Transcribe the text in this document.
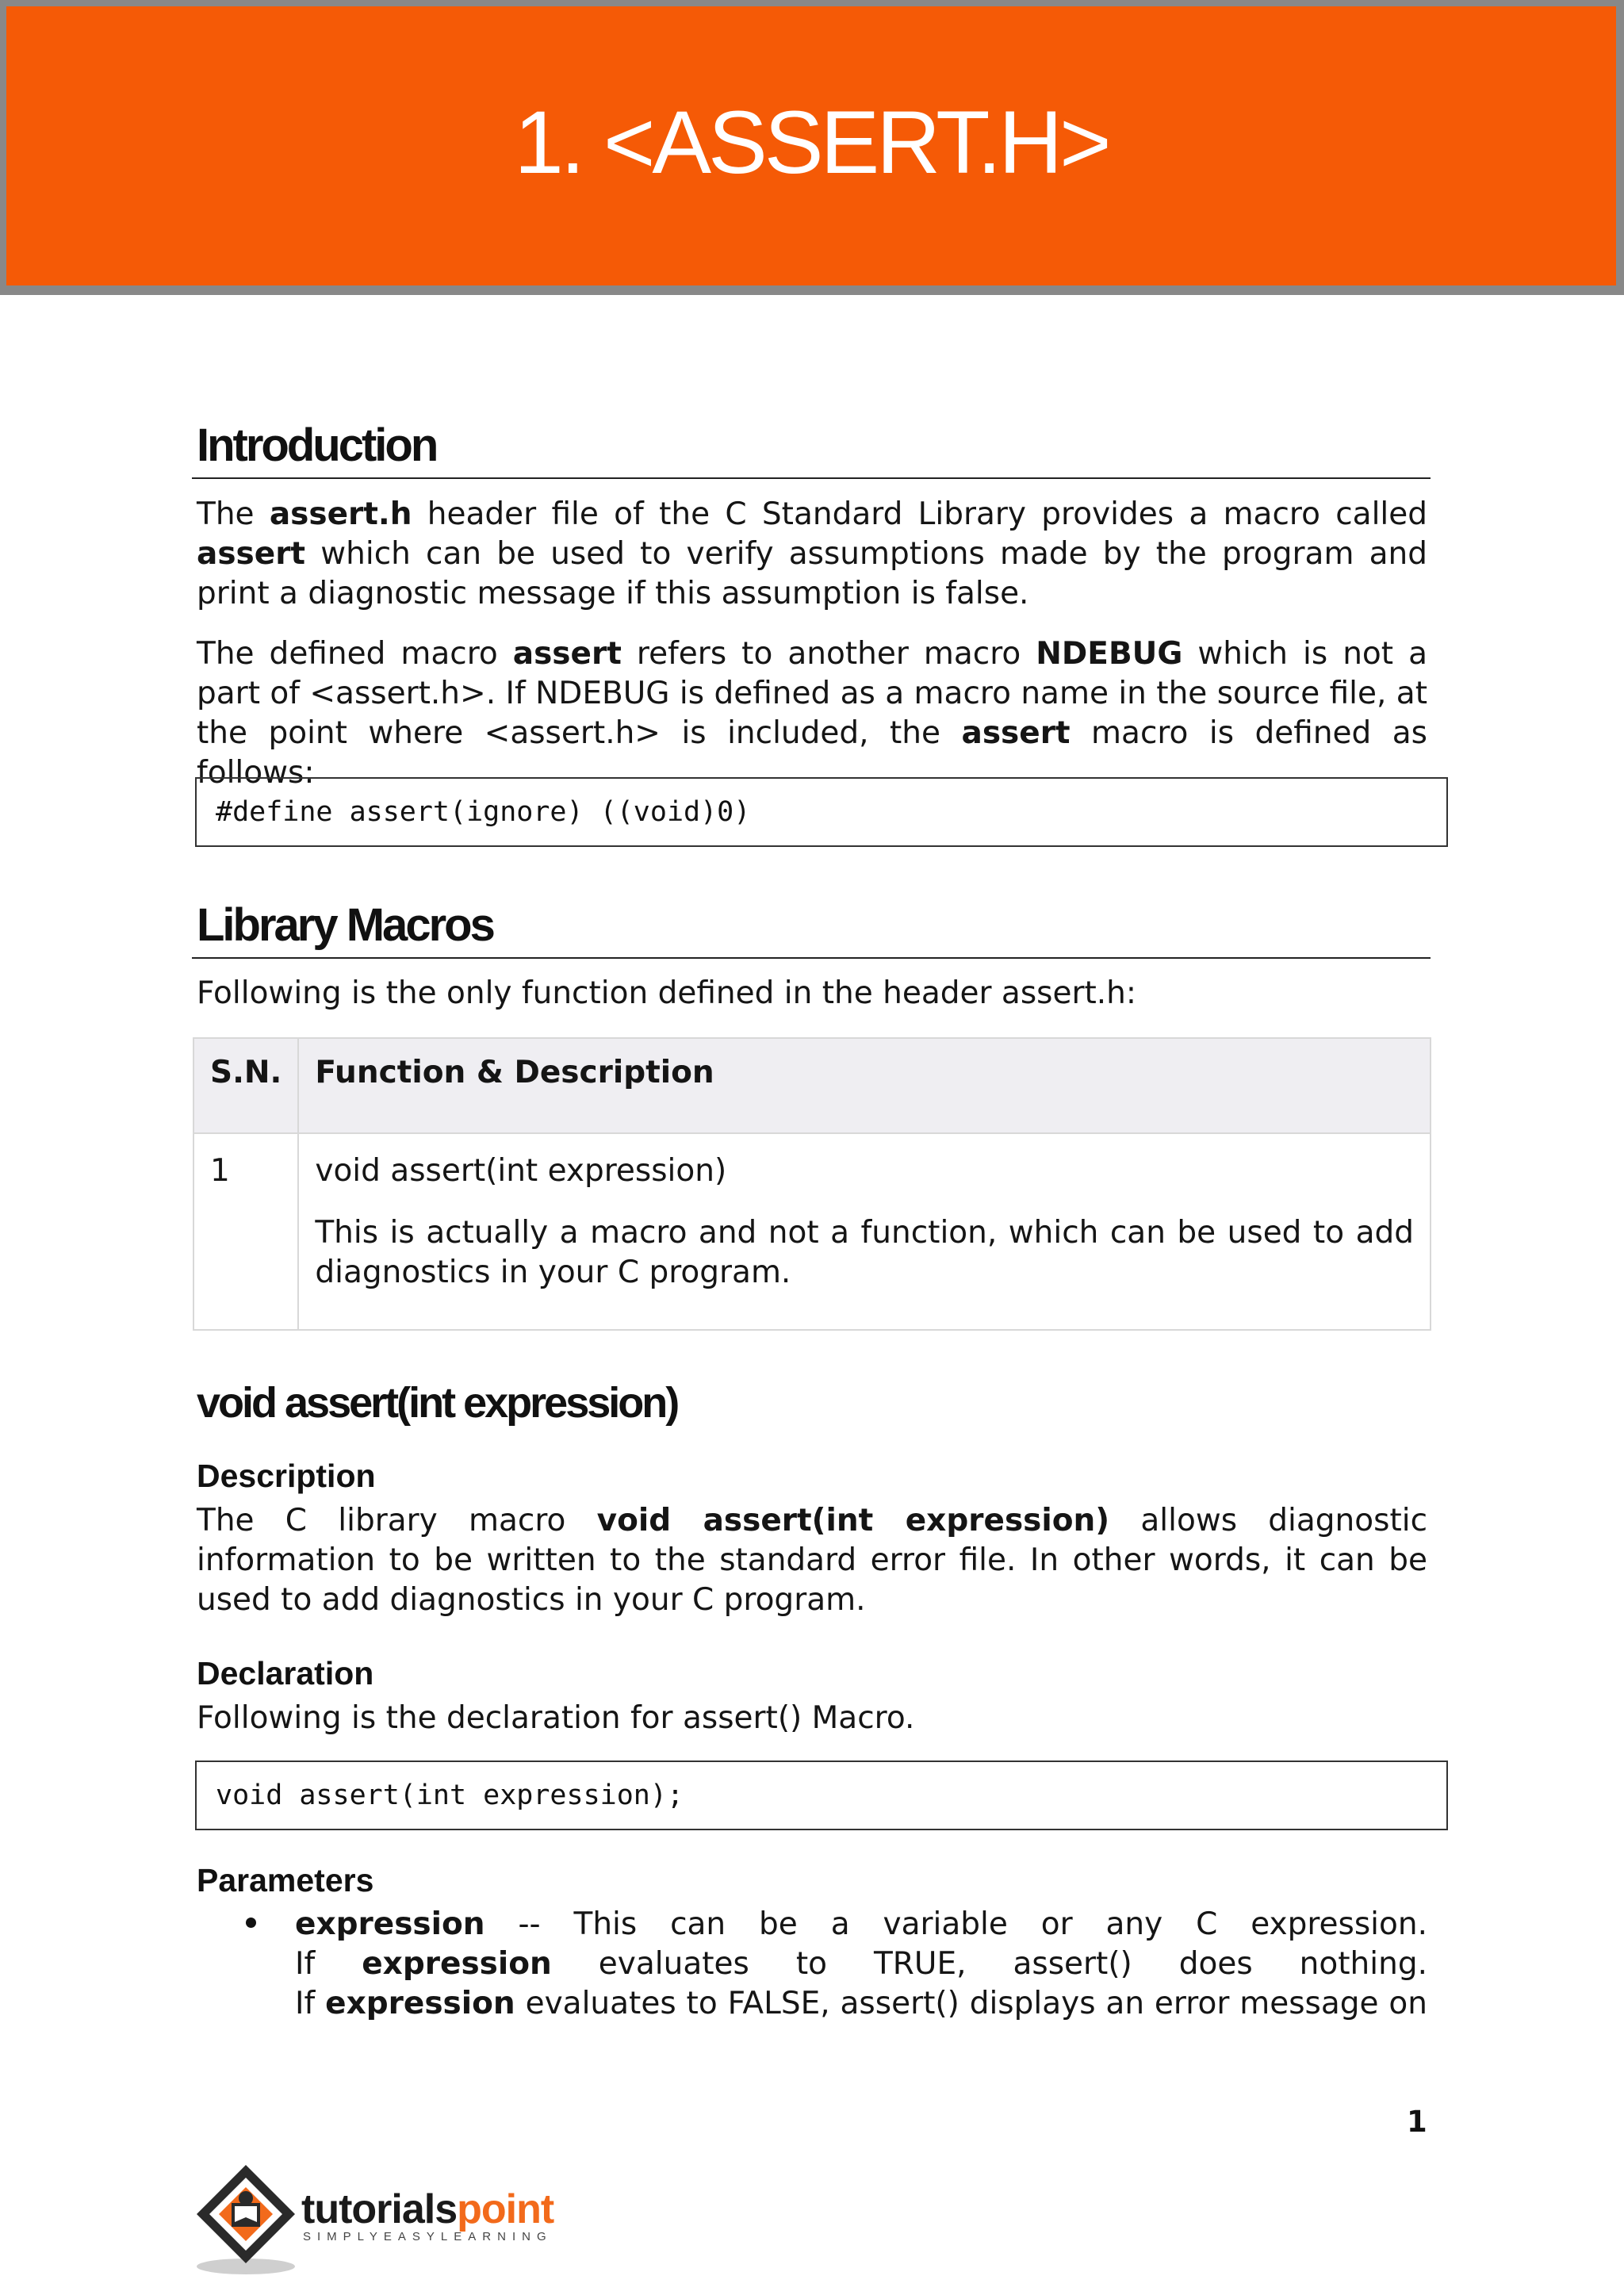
1. <ASSERT.H>
Introduction
The assert.h header file of the C Standard Library provides a macro called assert which can be used to verify assumptions made by the program and print a diagnostic message if this assumption is false.
The defined macro assert refers to another macro NDEBUG which is not a part of <assert.h>. If NDEBUG is defined as a macro name in the source file, at the point where <assert.h> is included, the assert macro is defined as follows:
#define assert(ignore) ((void)0)
Library Macros
Following is the only function defined in the header assert.h:
S.N.	Function & Description
1	void assert(int expression)
This is actually a macro and not a function, which can be used to add diagnostics in your C program.
void assert(int expression)
Description
The C library macro void assert(int expression) allows diagnostic information to be written to the standard error file. In other words, it can be used to add diagnostics in your C program.
Declaration
Following is the declaration for assert() Macro.
void assert(int expression);
Parameters
expression -- This can be a variable or any C expression.
If expression evaluates to TRUE, assert() does nothing.
If expression evaluates to FALSE, assert() displays an error message on
1
tutorialspoint
SIMPLYEASYLEARNING
